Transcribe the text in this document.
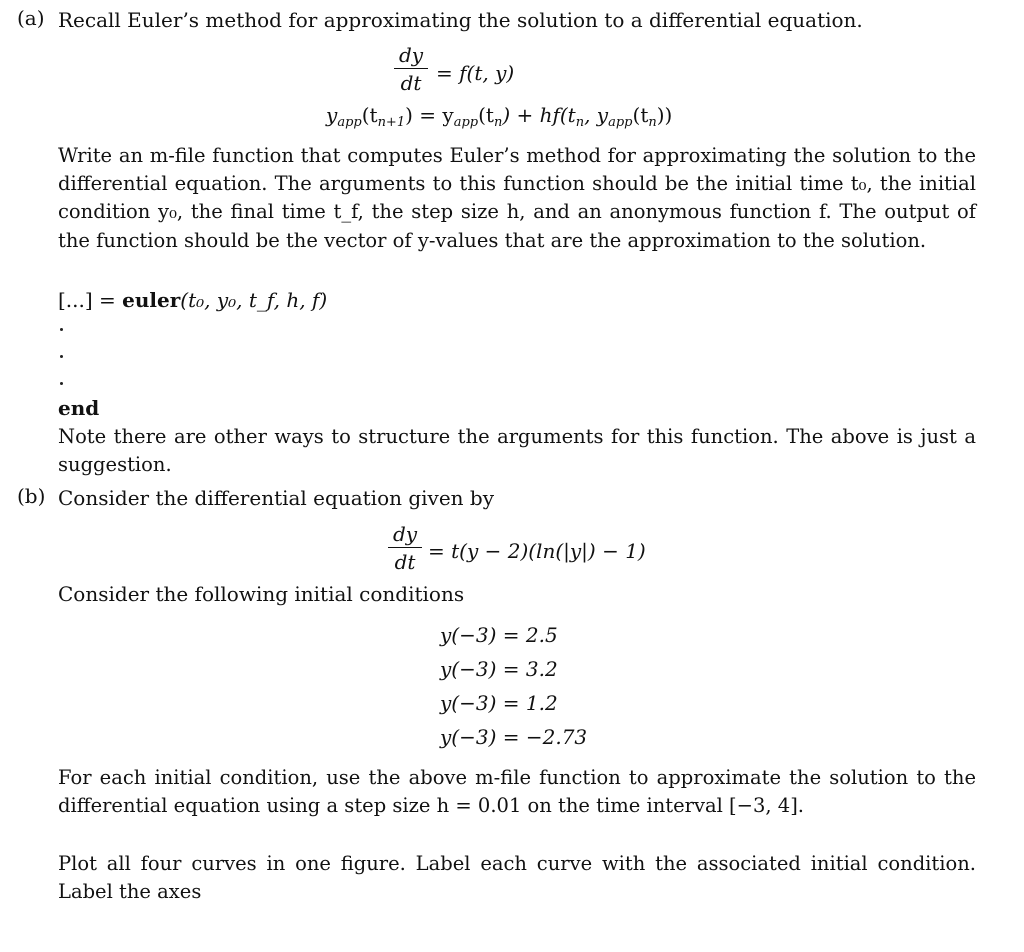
(a) Recall Euler’s method for approximating the solution to a differential equation.
dy
dt = f(t, y)
$y_{app}(t_{n+1}) = y_{app}(t_n) + hf(t_n$, $y_{app}(t_n)$)
Write an m-file function that computes Euler’s method for approximating the solution to the differential equation. The arguments to this function should be the initial time t₀, the initial condition y₀, the final time t_f, the step size h, and an anonymous function f. The output of the function should be the vector of y-values that are the approximation to the solution.
[...] = euler(t₀, y₀, t_f, h, f)
end
Note there are other ways to structure the arguments for this function. The above is just a suggestion.
(b) Consider the differential equation given by
dy
dt = t(y − 2)(ln(|y|) − 1)
Consider the following initial conditions
y(−3) = 2.5
y(−3) = 3.2
y(−3) = 1.2
y(−3) = −2.73
For each initial condition, use the above m-file function to approximate the solution to the differential equation using a step size h = 0.01 on the time interval [−3, 4].
Plot all four curves in one figure. Label each curve with the associated initial condition. Label the axes
